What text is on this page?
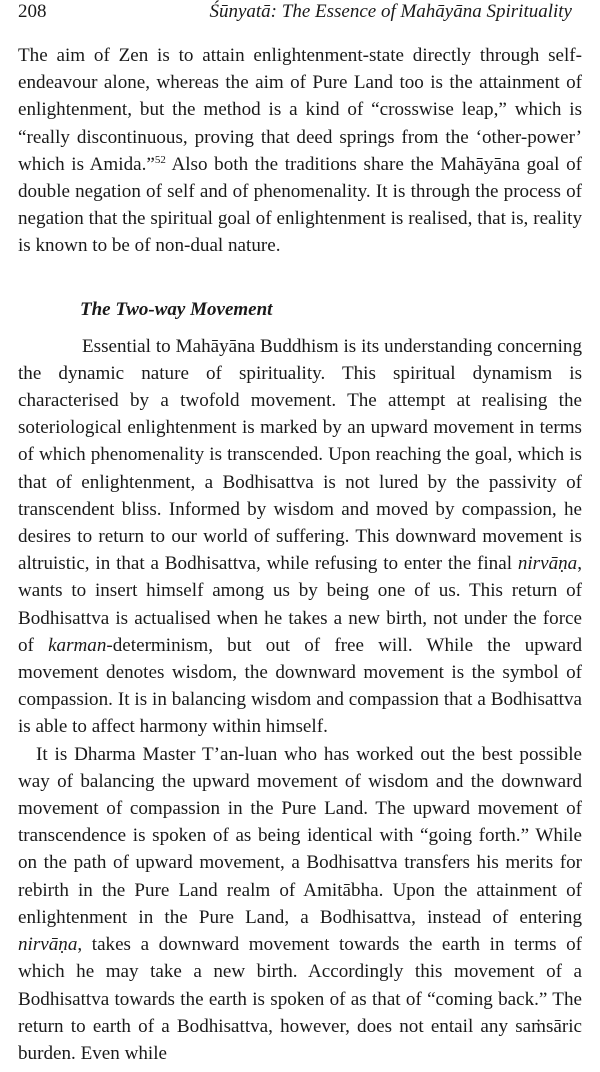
208	Śūnyatā: The Essence of Mahāyāna Spirituality

The aim of Zen is to attain enlightenment-state directly through self-endeavour alone, whereas the aim of Pure Land too is the attainment of enlightenment, but the method is a kind of “crosswise leap,” which is “really discontinuous, proving that deed springs from the ‘other-power’ which is Amida.”$^{52}$ Also both the traditions share the Mahāyāna goal of double negation of self and of phenomenality. It is through the process of negation that the spiritual goal of enlightenment is realised, that is, reality is known to be of non-dual nature.

The Two-way Movement

Essential to Mahāyāna Buddhism is its understanding concerning the dynamic nature of spirituality. This spiritual dynamism is characterised by a twofold movement. The attempt at realising the soteriological enlightenment is marked by an upward movement in terms of which phenomenality is transcended. Upon reaching the goal, which is that of enlightenment, a Bodhisattva is not lured by the passivity of transcendent bliss. Informed by wisdom and moved by compassion, he desires to return to our world of suffering. This downward movement is altruistic, in that a Bodhisattva, while refusing to enter the final nirvāṇa, wants to insert himself among us by being one of us. This return of Bodhisattva is actualised when he takes a new birth, not under the force of karman-determinism, but out of free will. While the upward movement denotes wisdom, the downward movement is the symbol of compassion. It is in balancing wisdom and compassion that a Bodhisattva is able to affect harmony within himself.

It is Dharma Master T’an-luan who has worked out the best possible way of balancing the upward movement of wisdom and the downward movement of compassion in the Pure Land. The upward movement of transcendence is spoken of as being identical with “going forth.” While on the path of upward movement, a Bodhisattva transfers his merits for rebirth in the Pure Land realm of Amitābha. Upon the attainment of enlightenment in the Pure Land, a Bodhisattva, instead of entering nirvāṇa, takes a downward movement towards the earth in terms of which he may take a new birth. Accordingly this movement of a Bodhisattva towards the earth is spoken of as that of “coming back.” The return to earth of a Bodhisattva, however, does not entail any saṁsāric burden. Even while
